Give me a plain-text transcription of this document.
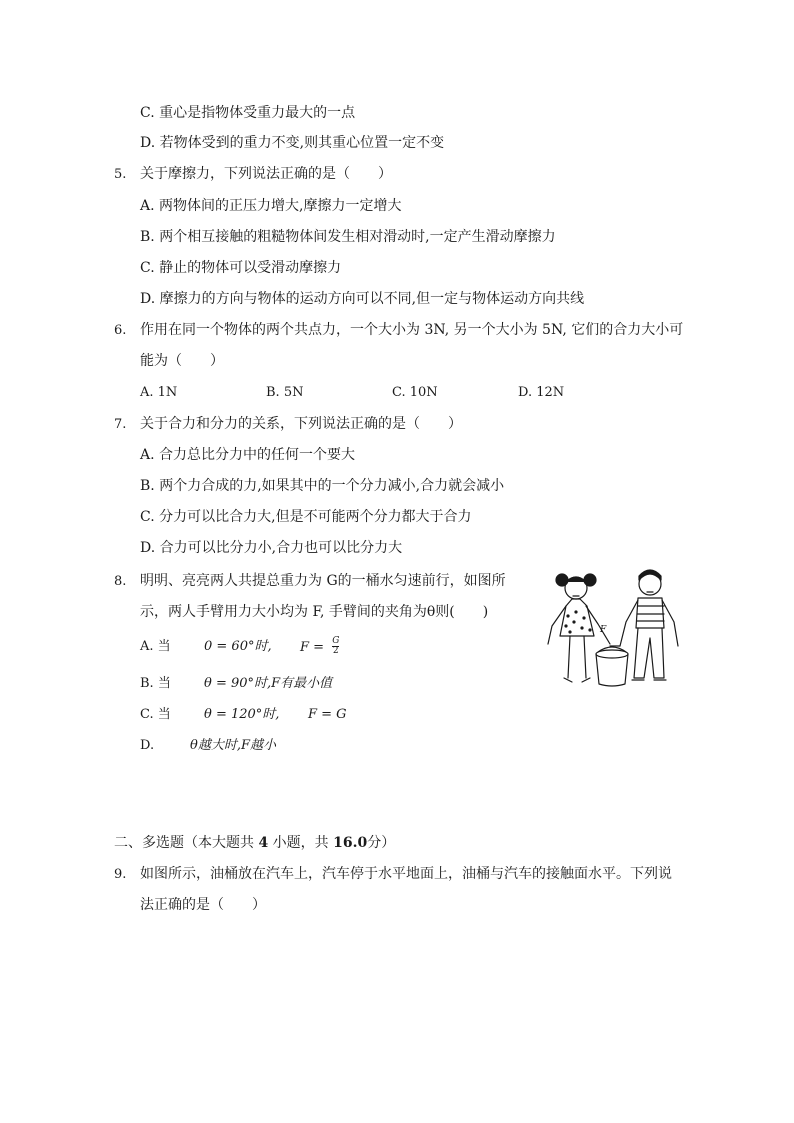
C. 重心是指物体受重力最大的一点
D. 若物体受到的重力不变,则其重心位置一定不变
5. 关于摩擦力，下列说法正确的是（　　）
A. 两物体间的正压力增大,摩擦力一定增大
B. 两个相互接触的粗糙物体间发生相对滑动时,一定产生滑动摩擦力
C. 静止的物体可以受滑动摩擦力
D. 摩擦力的方向与物体的运动方向可以不同,但一定与物体运动方向共线
6. 作用在同一个物体的两个共点力，一个大小为 3N, 另一个大小为 5N, 它们的合力大小可
能为（　　）
A. 1N	B. 5N	C. 10N	D. 12N
7. 关于合力和分力的关系，下列说法正确的是（　　）
A. 合力总比分力中的任何一个要大
B. 两个力合成的力,如果其中的一个分力减小,合力就会减小
C. 分力可以比合力大,但是不可能两个分力都大于合力
D. 合力可以比分力小,合力也可以比分力大
8. 明明、亮亮两人共提总重力为 G的一桶水匀速前行，如图所
示，两人手臂用力大小均为 F, 手臂间的夹角为θ则(　　)
A. 当	0 = 60°时, $F = \frac{G}{2}$
B. 当	θ = 90°时,F有最小值
C. 当	θ = 120°时, F = G
D.	θ越大时,F越小
F
二、多选题（本大题共 4 小题，共 16.0分）
9. 如图所示，油桶放在汽车上，汽车停于水平地面上，油桶与汽车的接触面水平。下列说
法正确的是（　　）
